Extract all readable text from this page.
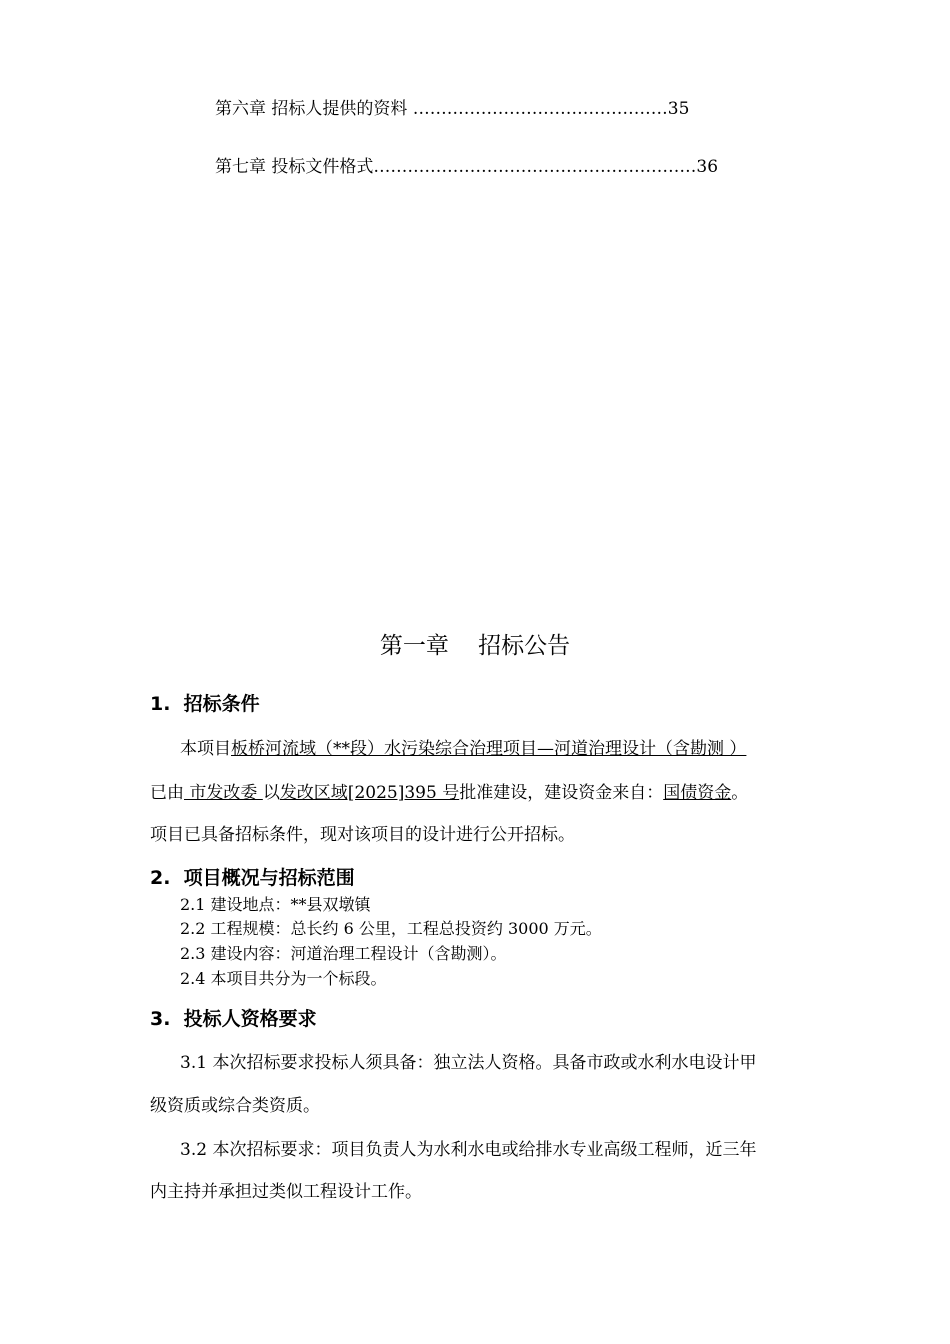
第六章 招标人提供的资料 ………………………………………35
第七章 投标文件格式…………………………………………………36
第一章    招标公告
1.  招标条件
本项目板桥河流域（**段）水污染综合治理项目—河道治理设计（含勘测 ）
已由 市发改委 以发改区域[2025]395 号批准建设，建设资金来自：国债资金。
项目已具备招标条件，现对该项目的设计进行公开招标。
2.  项目概况与招标范围
2.1 建设地点：**县双墩镇
2.2 工程规模：总长约 6 公里，工程总投资约 3000 万元。
2.3 建设内容：河道治理工程设计（含勘测）。
2.4 本项目共分为一个标段。
3.  投标人资格要求
3.1 本次招标要求投标人须具备：独立法人资格。具备市政或水利水电设计甲
级资质或综合类资质。
3.2 本次招标要求：项目负责人为水利水电或给排水专业高级工程师，近三年
内主持并承担过类似工程设计工作。
